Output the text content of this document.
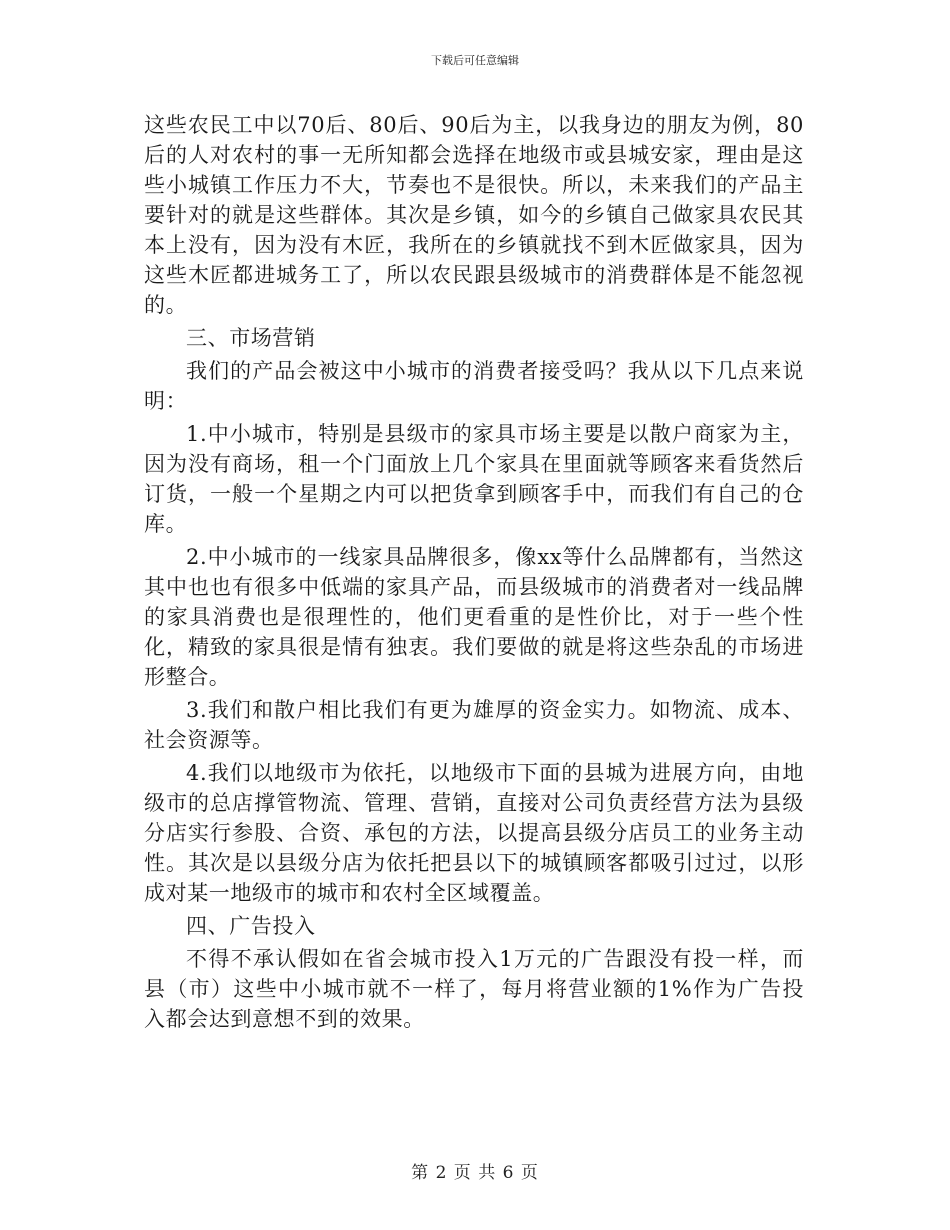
下载后可任意编辑

这些农民工中以70后、80后、90后为主，以我身边的朋友为例，80后的人对农村的事一无所知都会选择在地级市或县城安家，理由是这些小城镇工作压力不大，节奏也不是很快。所以，未来我们的产品主要针对的就是这些群体。其次是乡镇，如今的乡镇自己做家具农民其本上没有，因为没有木匠，我所在的乡镇就找不到木匠做家具，因为这些木匠都进城务工了，所以农民跟县级城市的消费群体是不能忽视的。

三、市场营销

我们的产品会被这中小城市的消费者接受吗？我从以下几点来说明：

1.中小城市，特别是县级市的家具市场主要是以散户商家为主，因为没有商场，租一个门面放上几个家具在里面就等顾客来看货然后订货，一般一个星期之内可以把货拿到顾客手中，而我们有自己的仓库。

2.中小城市的一线家具品牌很多，像xx等什么品牌都有，当然这其中也也有很多中低端的家具产品，而县级城市的消费者对一线品牌的家具消费也是很理性的，他们更看重的是性价比，对于一些个性化，精致的家具很是情有独衷。我们要做的就是将这些杂乱的市场进形整合。

3.我们和散户相比我们有更为雄厚的资金实力。如物流、成本、社会资源等。

4.我们以地级市为依托，以地级市下面的县城为进展方向，由地级市的总店撑管物流、管理、营销，直接对公司负责经营方法为县级分店实行参股、合资、承包的方法，以提高县级分店员工的业务主动性。其次是以县级分店为依托把县以下的城镇顾客都吸引过过，以形成对某一地级市的城市和农村全区域覆盖。

四、广告投入

不得不承认假如在省会城市投入1万元的广告跟没有投一样，而县（市）这些中小城市就不一样了，每月将营业额的1%作为广告投入都会达到意想不到的效果。

第 2 页 共 6 页
